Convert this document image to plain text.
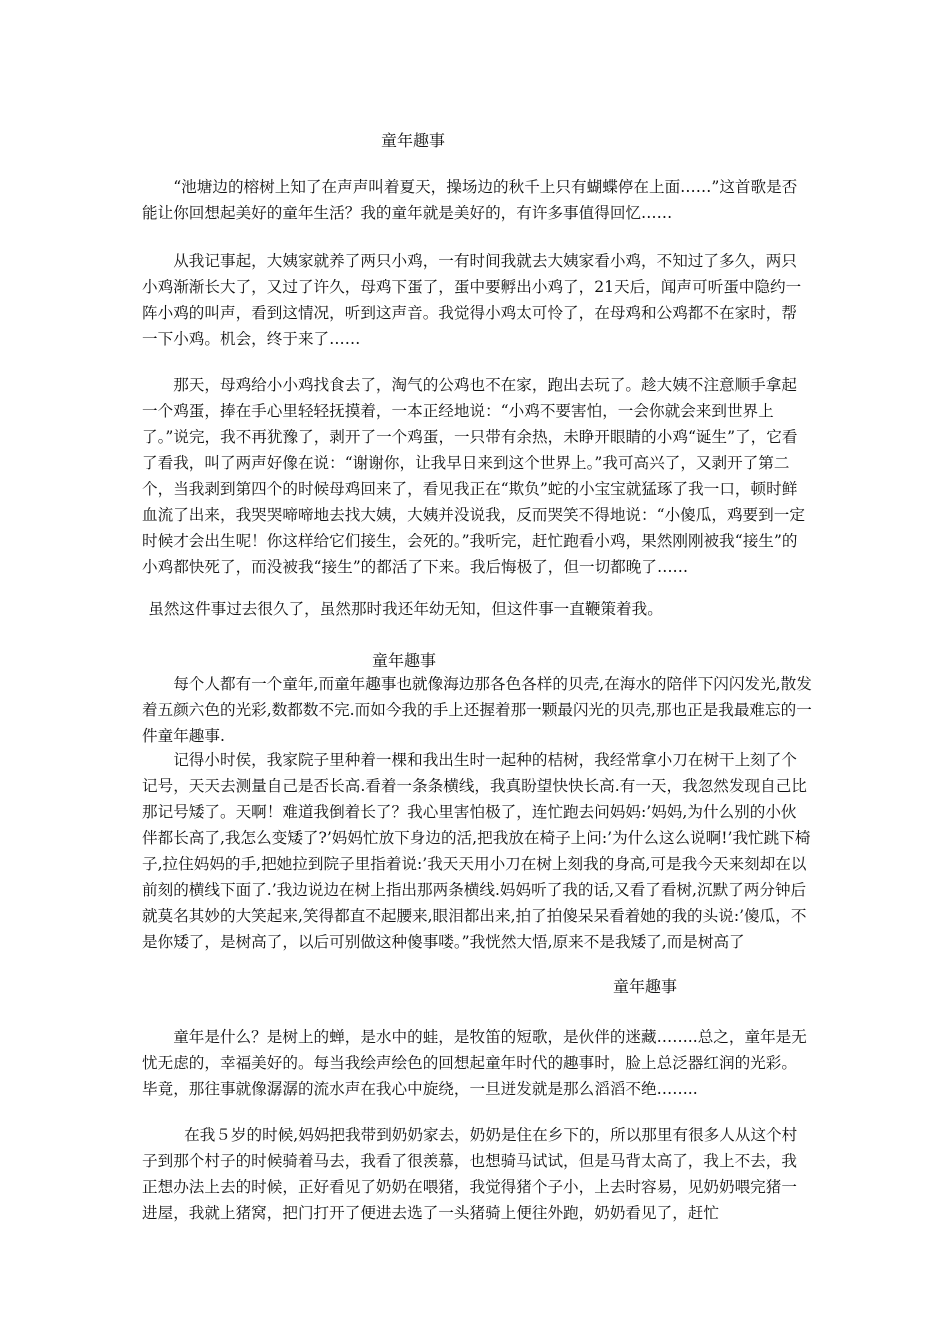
童年趣事

“池塘边的榕树上知了在声声叫着夏天，操场边的秋千上只有蝴蝶停在上面……”这首歌是否能让你回想起美好的童年生活？我的童年就是美好的，有许多事值得回忆……

从我记事起，大姨家就养了两只小鸡，一有时间我就去大姨家看小鸡，不知过了多久，两只小鸡渐渐长大了，又过了许久，母鸡下蛋了，蛋中要孵出小鸡了，21天后，闻声可听蛋中隐约一阵小鸡的叫声，看到这情况，听到这声音。我觉得小鸡太可怜了，在母鸡和公鸡都不在家时，帮一下小鸡。机会，终于来了……

那天，母鸡给小小鸡找食去了，淘气的公鸡也不在家，跑出去玩了。趁大姨不注意顺手拿起一个鸡蛋，捧在手心里轻轻抚摸着，一本正经地说：“小鸡不要害怕，一会你就会来到世界上了。”说完，我不再犹豫了，剥开了一个鸡蛋，一只带有余热，未睁开眼睛的小鸡“诞生”了，它看了看我，叫了两声好像在说：“谢谢你，让我早日来到这个世界上。”我可高兴了，又剥开了第二个，当我剥到第四个的时候母鸡回来了，看见我正在“欺负”蛇的小宝宝就猛琢了我一口，顿时鲜血流了出来，我哭哭啼啼地去找大姨，大姨并没说我，反而哭笑不得地说：“小傻瓜，鸡要到一定时候才会出生呢！你这样给它们接生，会死的。”我听完，赶忙跑看小鸡，果然刚刚被我“接生”的小鸡都快死了，而没被我“接生”的都活了下来。我后悔极了，但一切都晚了……

虽然这件事过去很久了，虽然那时我还年幼无知，但这件事一直鞭策着我。

童年趣事

每个人都有一个童年,而童年趣事也就像海边那各色各样的贝壳,在海水的陪伴下闪闪发光,散发着五颜六色的光彩,数都数不完.而如今我的手上还握着那一颗最闪光的贝壳,那也正是我最难忘的一件童年趣事.

记得小时侯，我家院子里种着一棵和我出生时一起种的桔树，我经常拿小刀在树干上刻了个记号，天天去测量自己是否长高.看着一条条横线，我真盼望快快长高.有一天，我忽然发现自己比那记号矮了。天啊！难道我倒着长了？我心里害怕极了，连忙跑去问妈妈:’妈妈,为什么别的小伙伴都长高了,我怎么变矮了?’妈妈忙放下身边的活,把我放在椅子上问:’为什么这么说啊!’我忙跳下椅子,拉住妈妈的手,把她拉到院子里指着说:’我天天用小刀在树上刻我的身高,可是我今天来刻却在以前刻的横线下面了.’我边说边在树上指出那两条横线.妈妈听了我的话,又看了看树,沉默了两分钟后就莫名其妙的大笑起来,笑得都直不起腰来,眼泪都出来,拍了拍傻呆呆看着她的我的头说:’傻瓜，不是你矮了，是树高了，以后可别做这种傻事喽。”我恍然大悟,原来不是我矮了,而是树高了

童年趣事

童年是什么？是树上的蝉，是水中的蛙，是牧笛的短歌，是伙伴的迷藏……..总之，童年是无忧无虑的，幸福美好的。每当我绘声绘色的回想起童年时代的趣事时，脸上总泛器红润的光彩。毕竟，那往事就像潺潺的流水声在我心中旋绕，一旦迸发就是那么滔滔不绝……..

在我５岁的时候,妈妈把我带到奶奶家去，奶奶是住在乡下的，所以那里有很多人从这个村子到那个村子的时候骑着马去，我看了很羡慕，也想骑马试试，但是马背太高了，我上不去，我正想办法上去的时候，正好看见了奶奶在喂猪，我觉得猪个子小，上去时容易，见奶奶喂完猪一进屋，我就上猪窝，把门打开了便进去选了一头猪骑上便往外跑，奶奶看见了，赶忙
